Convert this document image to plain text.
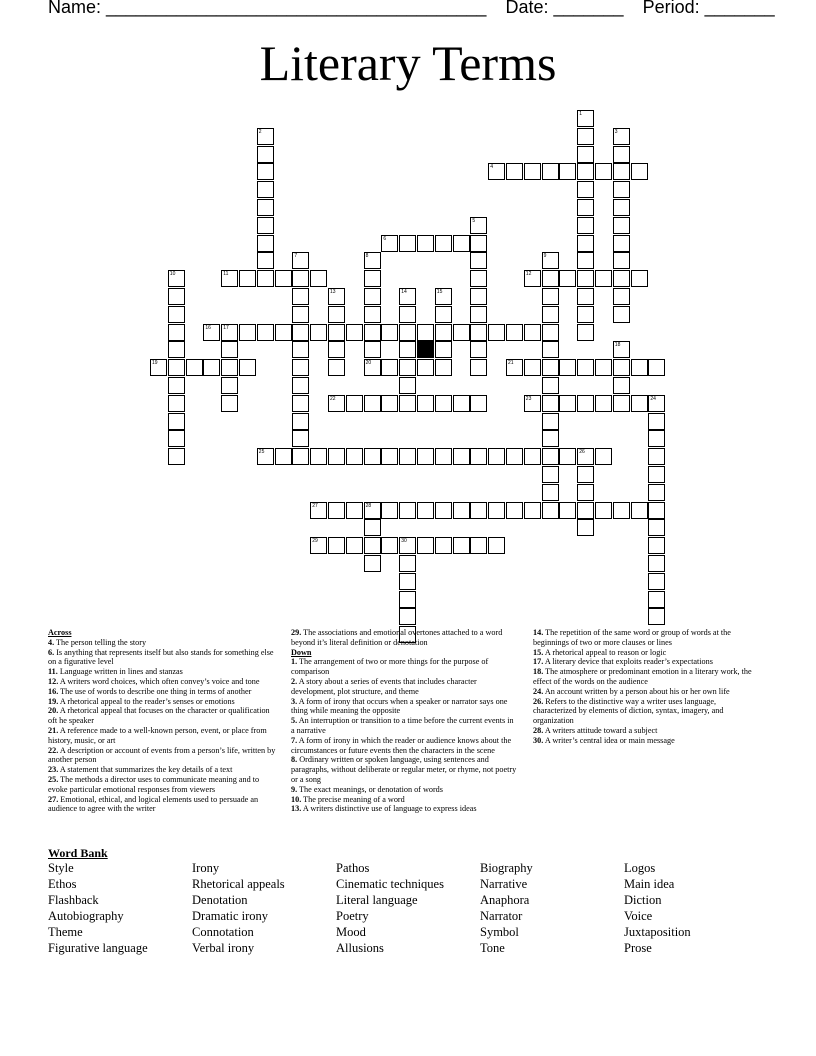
Name: ______________________________________ Date: _______ Period: _______
Literary Terms
4
6
11	12
16 17
19	20	21
22	23	24
25	26
27	28
29	30
1
2	3
5
7	8	9
10
13	14	15
18
Across
4. The person telling the story
6. Is anything that represents itself but also stands for something else on a figurative level
11. Language written in lines and stanzas
12. A writers word choices, which often convey’s voice and tone
16. The use of words to describe one thing in terms of another
19. A rhetorical appeal to the reader’s senses or emotions
20. A rhetorical appeal that focuses on the character or qualification oft he speaker
21. A reference made to a well-known person, event, or place from history, music, or art
22. A description or account of events from a person’s life, written by another person
23. A statement that summarizes the key details of a text
25. The methods a director uses to communicate meaning and to evoke particular emotional responses from viewers
27. Emotional, ethical, and logical elements used to persuade an audience to agree with the writer
29. The associations and emotional overtones attached to a word beyond it’s literal definition or denotation
Down
1. The arrangement of two or more things for the purpose of comparison
2. A story about a series of events that includes character development, plot structure, and theme
3. A form of irony that occurs when a speaker or narrator says one thing while meaning the opposite
5. An interruption or transition to a time before the current events in a narrative
7. A form of irony in which the reader or audience knows about the circumstances or future events then the characters in the scene
8. Ordinary written or spoken language, using sentences and paragraphs, without deliberate or regular meter, or rhyme, not poetry or a song
9. The exact meanings, or denotation of words
10. The precise meaning of a word
13. A writers distinctive use of language to express ideas
14. The repetition of the same word or group of words at the beginnings of two or more clauses or lines
15. A rhetorical appeal to reason or logic
17. A literary device that exploits reader’s expectations
18. The atmosphere or predominant emotion in a literary work, the effect of the words on the audience
24. An account written by a person about his or her own life
26. Refers to the distinctive way a writer uses language, characterized by elements of diction, syntax, imagery, and organization
28. A writers attitude toward a subject
30. A writer’s central idea or main message
Word Bank
Style	Irony	Pathos	Biography	Logos
Ethos	Rhetorical appeals	Cinematic techniques	Narrative	Main idea
Flashback	Denotation	Literal language	Anaphora	Diction
Autobiography	Dramatic irony	Poetry	Narrator	Voice
Theme	Connotation	Mood	Symbol	Juxtaposition
Figurative language	Verbal irony	Allusions	Tone	Prose
